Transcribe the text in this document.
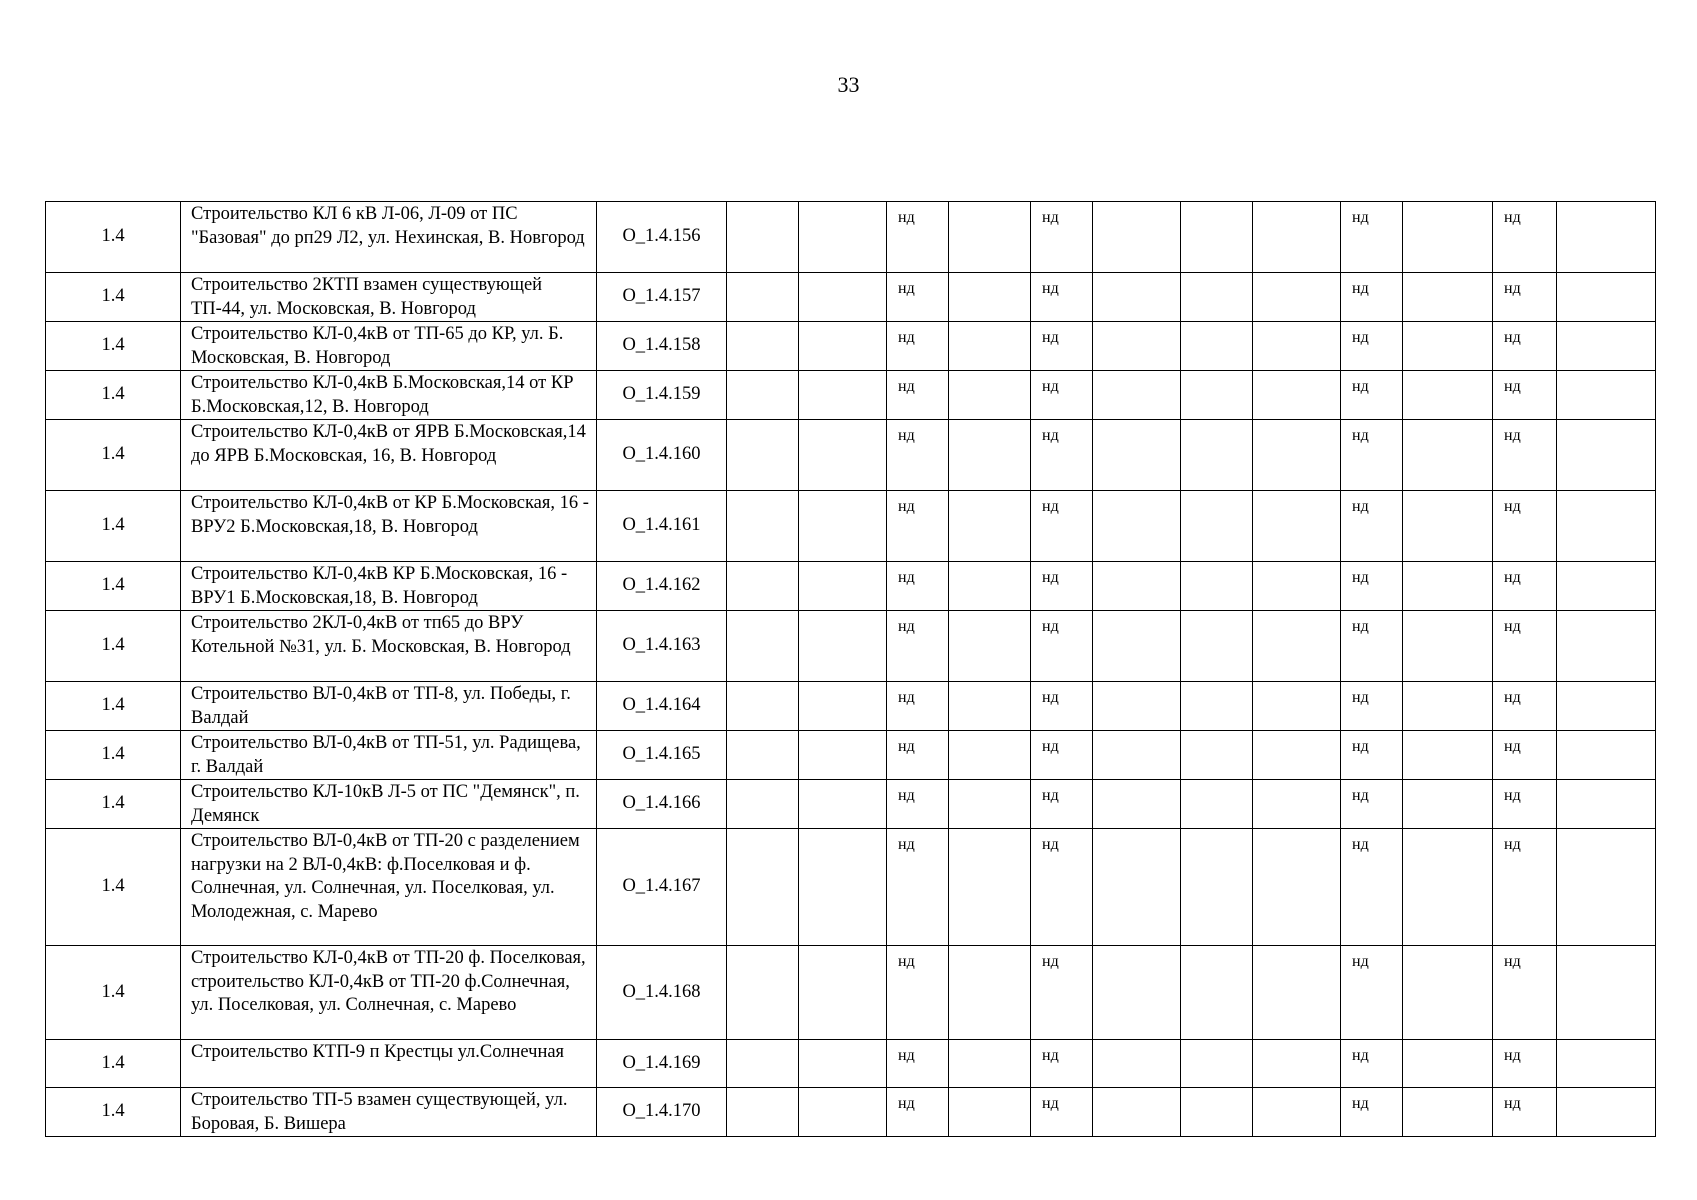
33
1.4	Строительство КЛ 6 кВ Л-06, Л-09 от ПС "Базовая" до рп29 Л2, ул. Нехинская, В. Новгород	О_1.4.156			нд		нд				нд		нд	
1.4	Строительство 2КТП взамен существующей ТП-44, ул. Московская, В. Новгород	О_1.4.157			нд		нд				нд		нд	
1.4	Строительство КЛ-0,4кВ от ТП-65 до КР, ул. Б. Московская, В. Новгород	О_1.4.158			нд		нд				нд		нд	
1.4	Строительство КЛ-0,4кВ Б.Московская,14 от КР Б.Московская,12, В. Новгород	О_1.4.159			нд		нд				нд		нд	
1.4	Строительство КЛ-0,4кВ от ЯРВ Б.Московская,14 до ЯРВ Б.Московская, 16, В. Новгород	О_1.4.160			нд		нд				нд		нд	
1.4	Строительство КЛ-0,4кВ от КР Б.Московская, 16 - ВРУ2 Б.Московская,18, В. Новгород	О_1.4.161			нд		нд				нд		нд	
1.4	Строительство КЛ-0,4кВ КР Б.Московская, 16 - ВРУ1 Б.Московская,18, В. Новгород	О_1.4.162			нд		нд				нд		нд	
1.4	Строительство 2КЛ-0,4кВ от тп65 до ВРУ Котельной №31, ул. Б. Московская, В. Новгород	О_1.4.163			нд		нд				нд		нд	
1.4	Строительство ВЛ-0,4кВ от ТП-8, ул. Победы, г. Валдай	О_1.4.164			нд		нд				нд		нд	
1.4	Строительство ВЛ-0,4кВ от ТП-51, ул. Радищева, г. Валдай	О_1.4.165			нд		нд				нд		нд	
1.4	Строительство КЛ-10кВ Л-5 от ПС "Демянск", п. Демянск	О_1.4.166			нд		нд				нд		нд	
1.4	Строительство ВЛ-0,4кВ от ТП-20 с разделением нагрузки на 2 ВЛ-0,4кВ: ф.Поселковая и ф. Солнечная, ул. Солнечная, ул. Поселковая, ул. Молодежная, с. Марево	О_1.4.167			нд		нд				нд		нд	
1.4	Строительство КЛ-0,4кВ от ТП-20 ф. Поселковая, строительство КЛ-0,4кВ от ТП-20 ф.Солнечная, ул. Поселковая, ул. Солнечная, с. Марево	О_1.4.168			нд		нд				нд		нд	
1.4	Строительство КТП-9 п Крестцы ул.Солнечная	О_1.4.169			нд		нд				нд		нд	
1.4	Строительство ТП-5 взамен существующей, ул. Боровая, Б. Вишера	О_1.4.170			нд		нд				нд		нд	
